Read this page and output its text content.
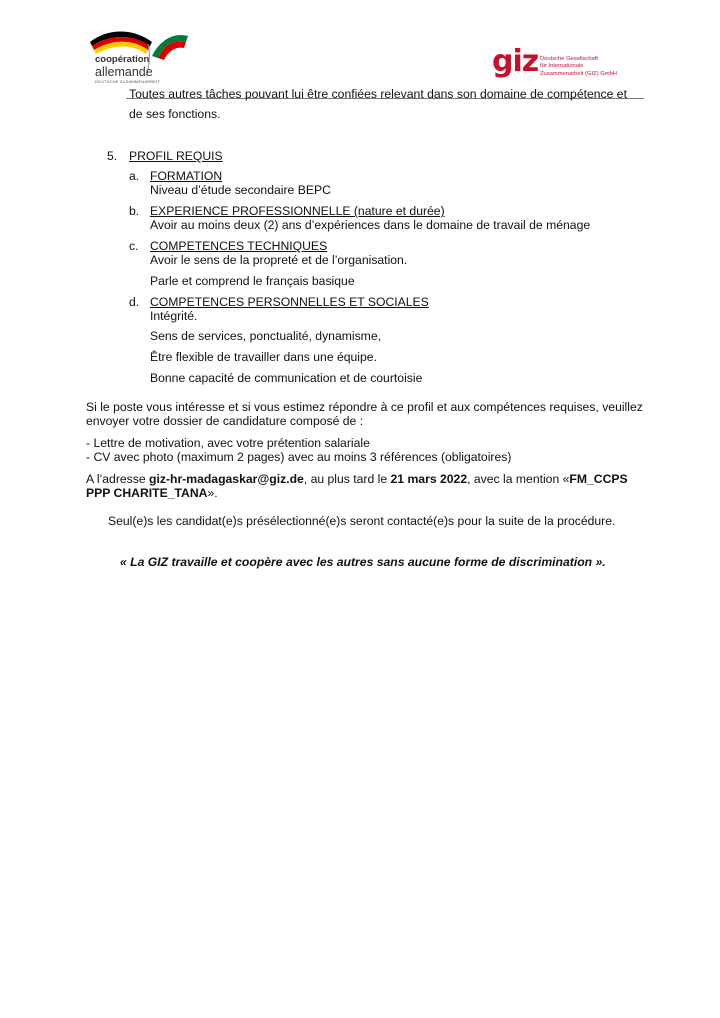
coopération
allemande
DEUTSCHE ZUSAMMENARBEIT
giz Deutsche Gesellschaft
für Internationale
Zusammenarbeit (GIZ) GmbH
Toutes autres tâches pouvant lui être confiées relevant dans son domaine de compétence et
de ses fonctions.
5. PROFIL REQUIS
a. FORMATION
Niveau d’étude secondaire BEPC
b. EXPERIENCE PROFESSIONNELLE (nature et durée)
Avoir au moins deux (2) ans d’expériences dans le domaine de travail de ménage
c. COMPETENCES TECHNIQUES
Avoir le sens de la propreté et de l’organisation.
Parle et comprend le français basique
d. COMPETENCES PERSONNELLES ET SOCIALES
Intégrité.
Sens de services, ponctualité, dynamisme,
Être flexible de travailler dans une équipe.
Bonne capacité de communication et de courtoisie
Si le poste vous intéresse et si vous estimez répondre à ce profil et aux compétences requises, veuillez
envoyer votre dossier de candidature composé de :
- Lettre de motivation, avec votre prétention salariale
- CV avec photo (maximum 2 pages) avec au moins 3 références (obligatoires)
A l’adresse giz-hr-madagaskar@giz.de, au plus tard le 21 mars 2022, avec la mention «FM_CCPS
PPP CHARITE_TANA».
Seul(e)s les candidat(e)s présélectionné(e)s seront contacté(e)s pour la suite de la procédure.
« La GIZ travaille et coopère avec les autres sans aucune forme de discrimination ».
